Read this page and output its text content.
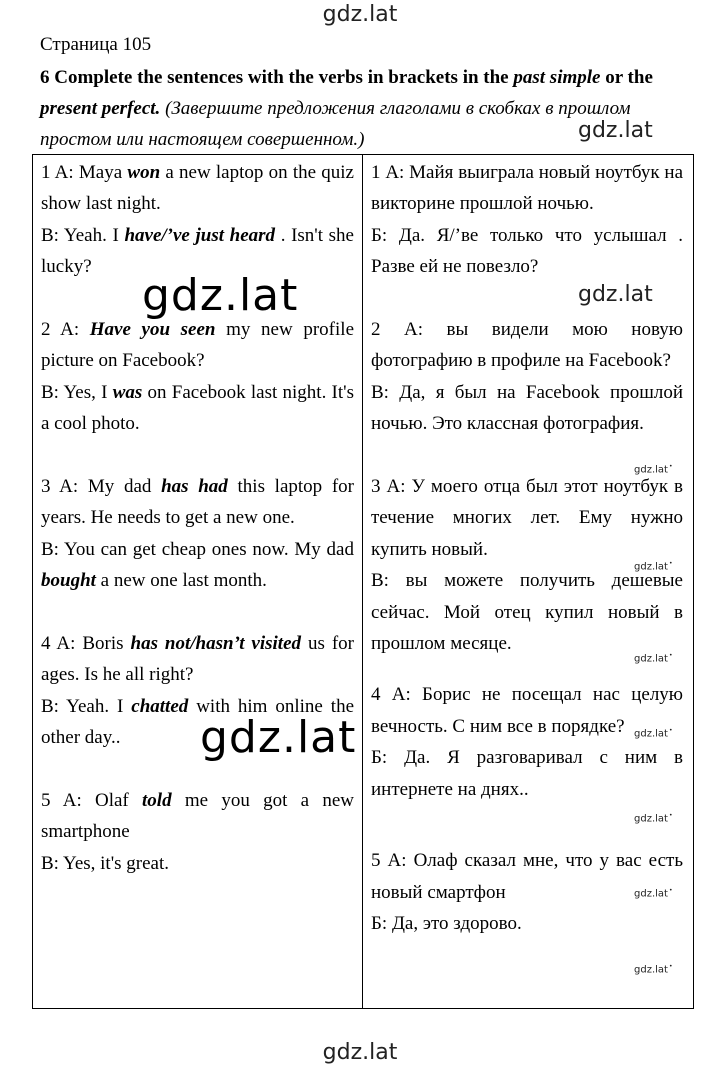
gdz.lat
Страница 105
6 Complete the sentences with the verbs in brackets in the past simple or the present perfect. (Завершите предложения глаголами в скобках в прошлом простом или настоящем совершенном.)	gdz.lat

1 A: Maya won a new laptop on the quiz show last night.

B: Yeah. I have/’ve just heard . Isn't she lucky?

2 A: Have you seen my new profile picture on Facebook?

B: Yes, I was on Facebook last night. It's a cool photo.

3 A: My dad has had this laptop for years. He needs to get a new one.

B: You can get cheap ones now. My dad bought a new one last month.

4 A: Boris has not/hasn’t visited us for ages. Is he all right?

B: Yeah. I chatted with him online the other day..

5 A: Olaf told me you got a new smartphone

B: Yes, it's great.

1 А: Майя выиграла новый ноутбук на викторине прошлой ночью.

Б: Да. Я/’ве только что услышал . Разве ей не повезло?

2 А: вы видели мою новую фотографию в профиле на Facebook?

В: Да, я был на Facebook прошлой ночью. Это классная фотография.

3 А: У моего отца был этот ноутбук в течение многих лет. Ему нужно купить новый.

В: вы можете получить дешевые сейчас. Мой отец купил новый в прошлом месяце.

4 А: Борис не посещал нас целую вечность. С ним все в порядке?

Б: Да. Я разговаривал с ним в интернете на днях..

5 А: Олаф сказал мне, что у вас есть новый смартфон

Б: Да, это здорово.

gdz.lat
gdz.lat
gdz.lat
gdz.lat •
gdz.lat •
gdz.lat •
gdz.lat •
gdz.lat •
gdz.lat •
gdz.lat •
gdz.lat
